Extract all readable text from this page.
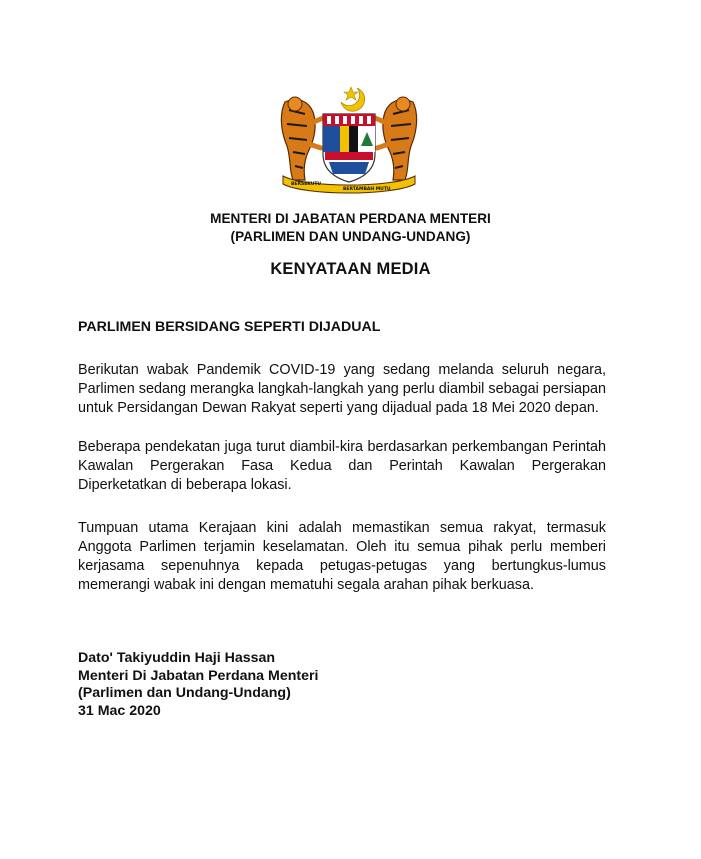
BERSEKUTU
BERTAMBAH MUTU
MENTERI DI JABATAN PERDANA MENTERI
(PARLIMEN DAN UNDANG-UNDANG)
KENYATAAN MEDIA
PARLIMEN BERSIDANG SEPERTI DIJADUAL

Berikutan wabak Pandemik COVID-19 yang sedang melanda seluruh negara, Parlimen sedang merangka langkah-langkah yang perlu diambil sebagai persiapan untuk Persidangan Dewan Rakyat seperti yang dijadual pada 18 Mei 2020 depan.

Beberapa pendekatan juga turut diambil-kira berdasarkan perkembangan Perintah Kawalan Pergerakan Fasa Kedua dan Perintah Kawalan Pergerakan Diperketatkan di beberapa lokasi.

Tumpuan utama Kerajaan kini adalah memastikan semua rakyat, termasuk Anggota Parlimen terjamin keselamatan. Oleh itu semua pihak perlu memberi kerjasama sepenuhnya kepada petugas-petugas yang bertungkus-lumus memerangi wabak ini dengan mematuhi segala arahan pihak berkuasa.

Dato' Takiyuddin Haji Hassan
Menteri Di Jabatan Perdana Menteri
(Parlimen dan Undang-Undang)
31 Mac 2020
